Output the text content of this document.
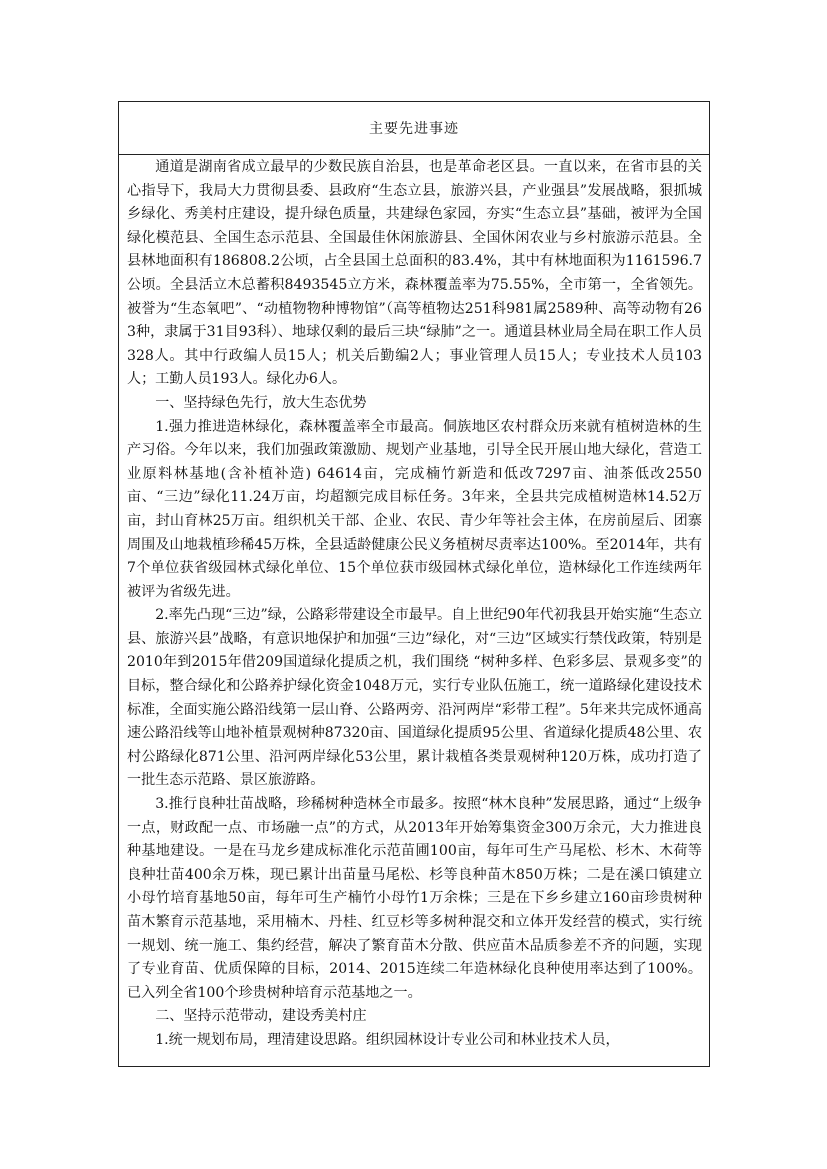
主要先进事迹

通道是湖南省成立最早的少数民族自治县，也是革命老区县。一直以来，在省市县的关心指导下，我局大力贯彻县委、县政府“生态立县，旅游兴县，产业强县”发展战略，狠抓城乡绿化、秀美村庄建设，提升绿色质量，共建绿色家园，夯实“生态立县”基础，被评为全国绿化模范县、全国生态示范县、全国最佳休闲旅游县、全国休闲农业与乡村旅游示范县。全县林地面积有186808.2公顷，占全县国土总面积的83.4%，其中有林地面积为1161596.7公顷。全县活立木总蓄积8493545立方米，森林覆盖率为75.55%，全市第一，全省领先。被誉为“生态氧吧”、“动植物物种博物馆”（高等植物达251科981属2589种、高等动物有263种，隶属于31目93科）、地球仅剩的最后三块“绿肺”之一。通道县林业局全局在职工作人员328人。其中行政编人员15人；机关后勤编2人；事业管理人员15人；专业技术人员103人；工勤人员193人。绿化办6人。

一、坚持绿色先行，放大生态优势

1.强力推进造林绿化，森林覆盖率全市最高。侗族地区农村群众历来就有植树造林的生产习俗。今年以来，我们加强政策激励、规划产业基地，引导全民开展山地大绿化，营造工业原料林基地(含补植补造) 64614亩，完成楠竹新造和低改7297亩、油茶低改2550亩、“三边”绿化11.24万亩，均超额完成目标任务。3年来，全县共完成植树造林14.52万亩，封山育林25万亩。组织机关干部、企业、农民、青少年等社会主体，在房前屋后、团寨周围及山地栽植珍稀45万株，全县适龄健康公民义务植树尽责率达100%。至2014年，共有7个单位获省级园林式绿化单位、15个单位获市级园林式绿化单位，造林绿化工作连续两年被评为省级先进。

2.率先凸现“三边”绿，公路彩带建设全市最早。自上世纪90年代初我县开始实施“生态立县、旅游兴县”战略，有意识地保护和加强“三边”绿化，对“三边”区域实行禁伐政策，特别是2010年到2015年借209国道绿化提质之机，我们围绕 “树种多样、色彩多层、景观多变”的目标，整合绿化和公路养护绿化资金1048万元，实行专业队伍施工，统一道路绿化建设技术标准，全面实施公路沿线第一层山脊、公路两旁、沿河两岸“彩带工程”。5年来共完成怀通高速公路沿线等山地补植景观树种87320亩、国道绿化提质95公里、省道绿化提质48公里、农村公路绿化871公里、沿河两岸绿化53公里，累计栽植各类景观树种120万株，成功打造了一批生态示范路、景区旅游路。

3.推行良种壮苗战略，珍稀树种造林全市最多。按照“林木良种”发展思路，通过“上级争一点，财政配一点、市场融一点”的方式，从2013年开始筹集资金300万余元，大力推进良种基地建设。一是在马龙乡建成标准化示范苗圃100亩，每年可生产马尾松、杉木、木荷等良种壮苗400余万株，现已累计出苗量马尾松、杉等良种苗木850万株；二是在溪口镇建立小母竹培育基地50亩，每年可生产楠竹小母竹1万余株；三是在下乡乡建立160亩珍贵树种苗木繁育示范基地，采用楠木、丹桂、红豆杉等多树种混交和立体开发经营的模式，实行统一规划、统一施工、集约经营，解决了繁育苗木分散、供应苗木品质参差不齐的问题，实现了专业育苗、优质保障的目标，2014、2015连续二年造林绿化良种使用率达到了100%。已入列全省100个珍贵树种培育示范基地之一。

二、坚持示范带动，建设秀美村庄

1.统一规划布局，理清建设思路。组织园林设计专业公司和林业技术人员，
